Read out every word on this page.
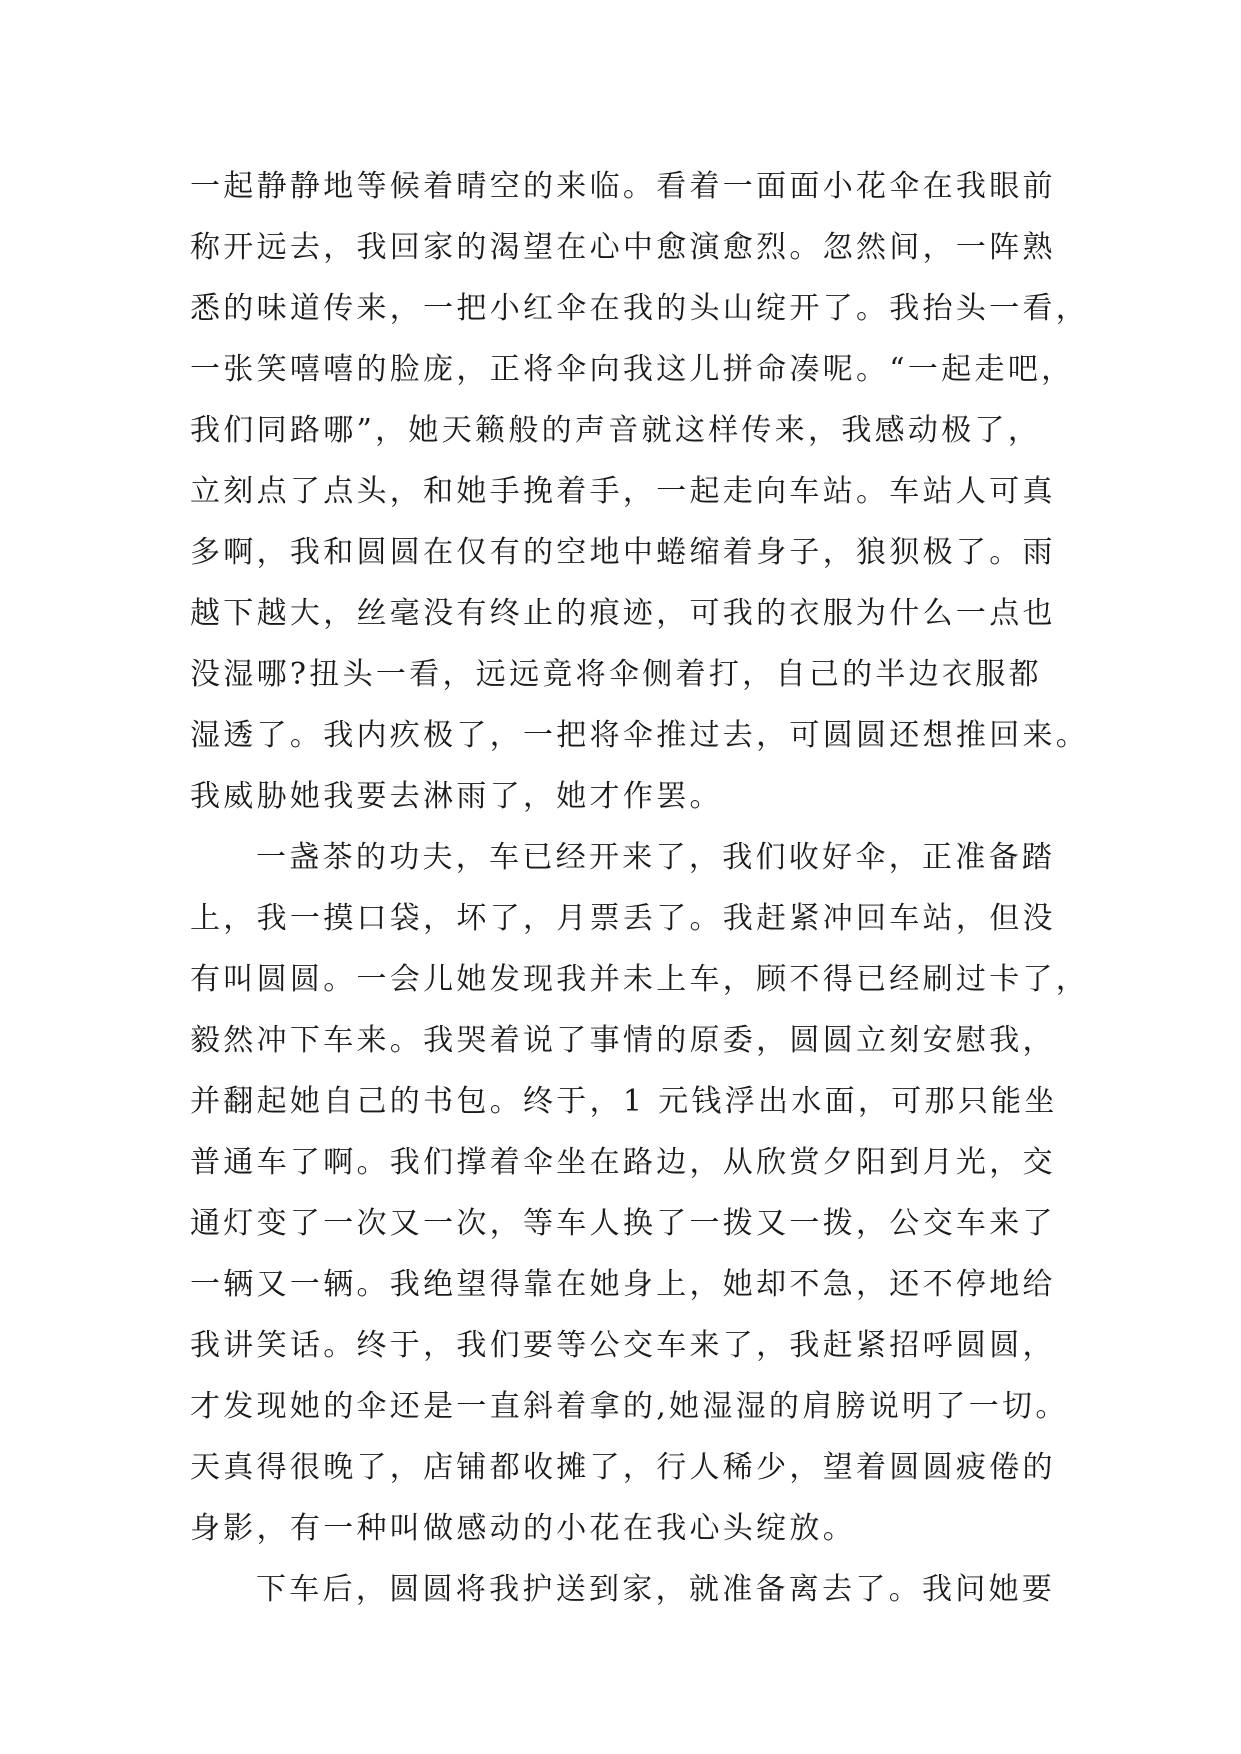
一起静静地等候着晴空的来临。看着一面面小花伞在我眼前
称开远去，我回家的渴望在心中愈演愈烈。忽然间，一阵熟
悉的味道传来，一把小红伞在我的头山绽开了。我抬头一看，
一张笑嘻嘻的脸庞，正将伞向我这儿拼命凑呢。“一起走吧，
我们同路哪”，她天籁般的声音就这样传来，我感动极了，
立刻点了点头，和她手挽着手，一起走向车站。车站人可真
多啊，我和圆圆在仅有的空地中蜷缩着身子，狼狈极了。雨
越下越大，丝毫没有终止的痕迹，可我的衣服为什么一点也
没湿哪?扭头一看，远远竟将伞侧着打，自己的半边衣服都
湿透了。我内疚极了，一把将伞推过去，可圆圆还想推回来。
我威胁她我要去淋雨了，她才作罢。
一盏茶的功夫，车已经开来了，我们收好伞，正准备踏
上，我一摸口袋，坏了，月票丢了。我赶紧冲回车站，但没
有叫圆圆。一会儿她发现我并未上车，顾不得已经刷过卡了，
毅然冲下车来。我哭着说了事情的原委，圆圆立刻安慰我，
并翻起她自己的书包。终于，1 元钱浮出水面，可那只能坐
普通车了啊。我们撑着伞坐在路边，从欣赏夕阳到月光，交
通灯变了一次又一次，等车人换了一拨又一拨，公交车来了
一辆又一辆。我绝望得靠在她身上，她却不急，还不停地给
我讲笑话。终于，我们要等公交车来了，我赶紧招呼圆圆，
才发现她的伞还是一直斜着拿的,她湿湿的肩膀说明了一切。
天真得很晚了，店铺都收摊了，行人稀少，望着圆圆疲倦的
身影，有一种叫做感动的小花在我心头绽放。
下车后，圆圆将我护送到家，就准备离去了。我问她要
